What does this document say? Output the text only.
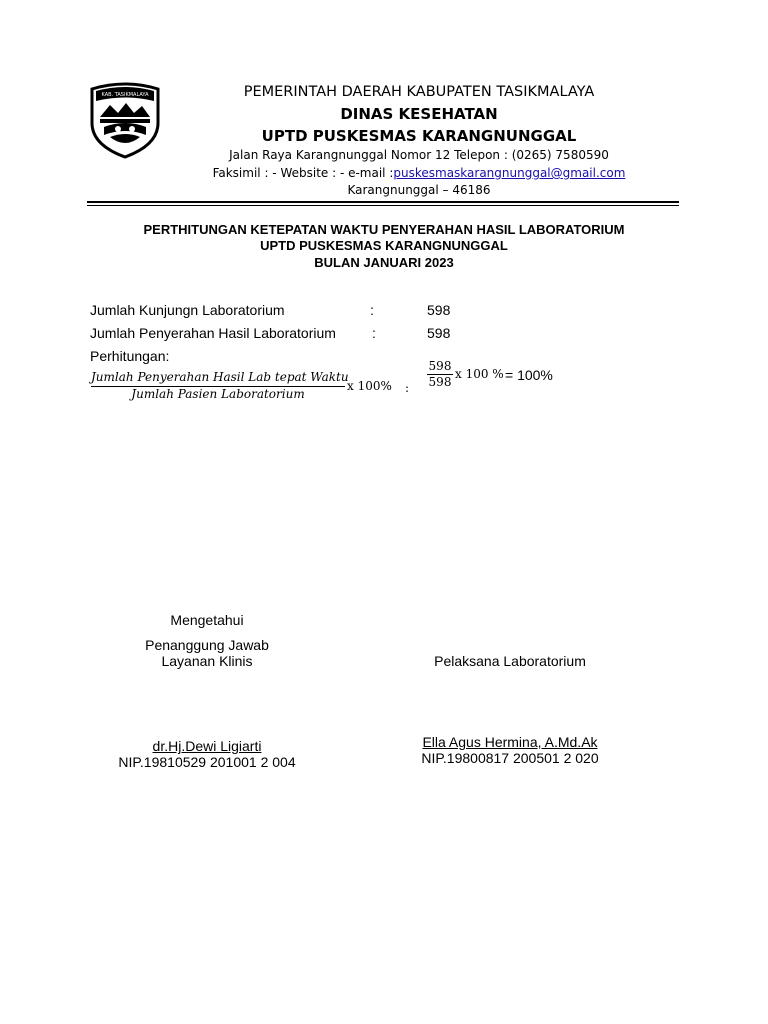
KAB. TASIKMALAYA	PEMERINTAH DAERAH KABUPATEN TASIKMALAYA
DINAS KESEHATAN
UPTD PUSKESMAS KARANGNUNGGAL
Jalan Raya Karangnunggal Nomor 12 Telepon : (0265) 7580590
Faksimil : - Website : - e-mail :puskesmaskarangnunggal@gmail.com
Karangnunggal – 46186
PERTHITUNGAN KETEPATAN WAKTU PENYERAHAN HASIL LABORATORIUM
UPTD PUSKESMAS KARANGNUNGGAL
BULAN JANUARI 2023
Jumlah Kunjungn Laboratorium	:	598
Jumlah Penyerahan Hasil Laboratorium	:	598
Perhitungan:
Jumlah Penyerahan Hasil Lab tepat Waktu
Jumlah Pasien Laboratorium
x 100% :
598
598
x 100 % = 100%
Mengetahui
Penanggung Jawab
Layanan Klinis
dr.Hj.Dewi Ligiarti
NIP.19810529 201001 2 004
Pelaksana Laboratorium
Ella Agus Hermina, A.Md.Ak
NIP.19800817 200501 2 020
